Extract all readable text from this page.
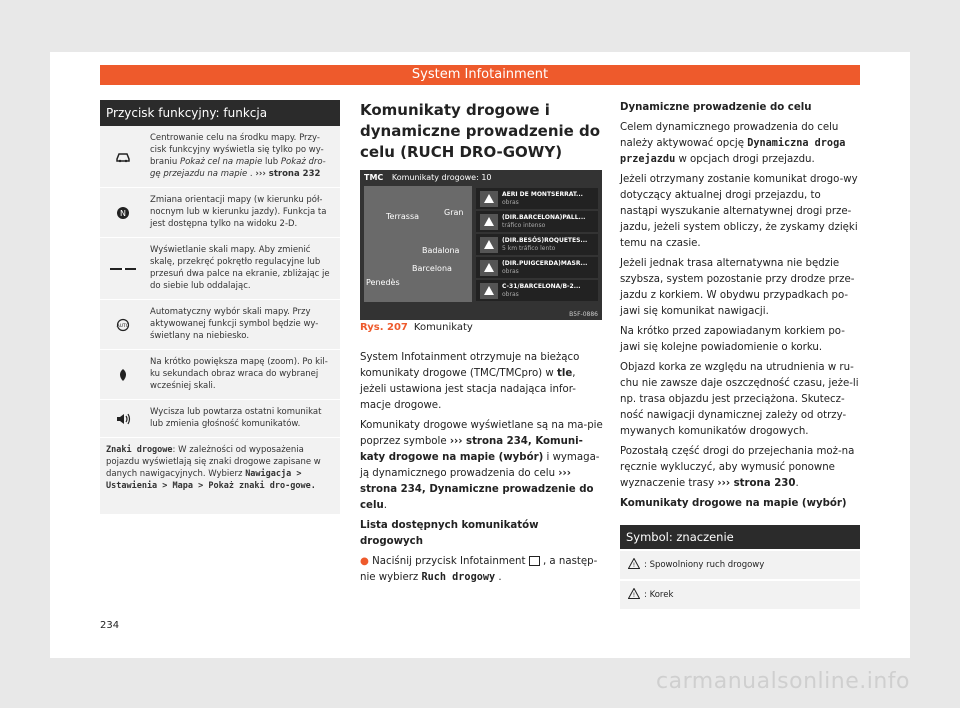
System Infotainment
Przycisk funkcyjny: funkcja
Centrowanie celu na środku mapy. Przy-cisk funkcyjny wyświetla się tylko po wy-braniu Pokaż cel na mapie lub Pokaż dro-gę przejazdu na mapie . ››› strona 232
N
Zmiana orientacji mapy (w kierunku pół-nocnym lub w kierunku jazdy). Funkcja ta jest dostępna tylko na widoku 2-D.
Wyświetlanie skali mapy. Aby zmienić skalę, przekręć pokrętło regulacyjne lub przesuń dwa palce na ekranie, zbliżając je do siebie lub oddalając.
AUTO
Automatyczny wybór skali mapy. Przy aktywowanej funkcji symbol będzie wy-świetlany na niebiesko.
Na krótko powiększa mapę (zoom). Po kil-ku sekundach obraz wraca do wybranej wcześniej skali.
Wycisza lub powtarza ostatni komunikat lub zmienia głośność komunikatów.
Znaki drogowe: W zależności od wyposażenia pojazdu wyświetlają się znaki drogowe zapisane w danych nawigacyjnych. Wybierz Nawigacja > Ustawienia > Mapa > Pokaż znaki dro-gowe.
Komunikaty drogowe i dynamiczne prowadzenie do celu (RUCH DRO-GOWY)
TMC Komunikaty drogowe: 10
Terrassa	Gran
Badalona
Barcelona
Penedès
AERI DE MONTSERRAT...
obras
(DIR.BARCELONA)PALL...
tráfico intenso
(DIR.BESÓS)ROQUETES...
5 km tráfico lento
(DIR.PUIGCERDA)MASR...
obras
C-31/BARCELONA/B-2...
obras
B5F-0886
Rys. 207 Komunikaty

System Infotainment otrzymuje na bieżąco komunikaty drogowe (TMC/TMCpro) w tle, jeżeli ustawiona jest stacja nadająca infor-macje drogowe.

Komunikaty drogowe wyświetlane są na ma-pie poprzez symbole ››› strona 234, Komuni-katy drogowe na mapie (wybór) i wymaga-ją dynamicznego prowadzenia do celu ››› strona 234, Dynamiczne prowadzenie do celu.

Lista dostępnych komunikatów drogowych

● Naciśnij przycisk Infotainment  , a następ-nie wybierz Ruch drogowy .

Dynamiczne prowadzenie do celu

Celem dynamicznego prowadzenia do celu należy aktywować opcję Dynamiczna droga przejazdu w opcjach drogi przejazdu.

Jeżeli otrzymany zostanie komunikat drogo-wy dotyczący aktualnej drogi przejazdu, to nastąpi wyszukanie alternatywnej drogi prze-jazdu, jeżeli system obliczy, że zyskamy dzięki temu na czasie.

Jeżeli jednak trasa alternatywna nie będzie szybsza, system pozostanie przy drodze prze-jazdu z korkiem. W obydwu przypadkach po-jawi się komunikat nawigacji.

Na krótko przed zapowiadanym korkiem po-jawi się kolejne powiadomienie o korku.

Objazd korka ze względu na utrudnienia w ru-chu nie zawsze daje oszczędność czasu, jeże-li np. trasa objazdu jest przeciążona. Skutecz-ność nawigacji dynamicznej zależy od otrzy-mywanych komunikatów drogowych.

Pozostałą część drogi do przejechania moż-na ręcznie wykluczyć, aby wymusić ponowne wyznaczenie trasy ››› strona 230.

Komunikaty drogowe na mapie (wybór)

Symbol: znaczenie
! : Spowolniony ruch drogowy
! : Korek
234
carmanualsonline.info
